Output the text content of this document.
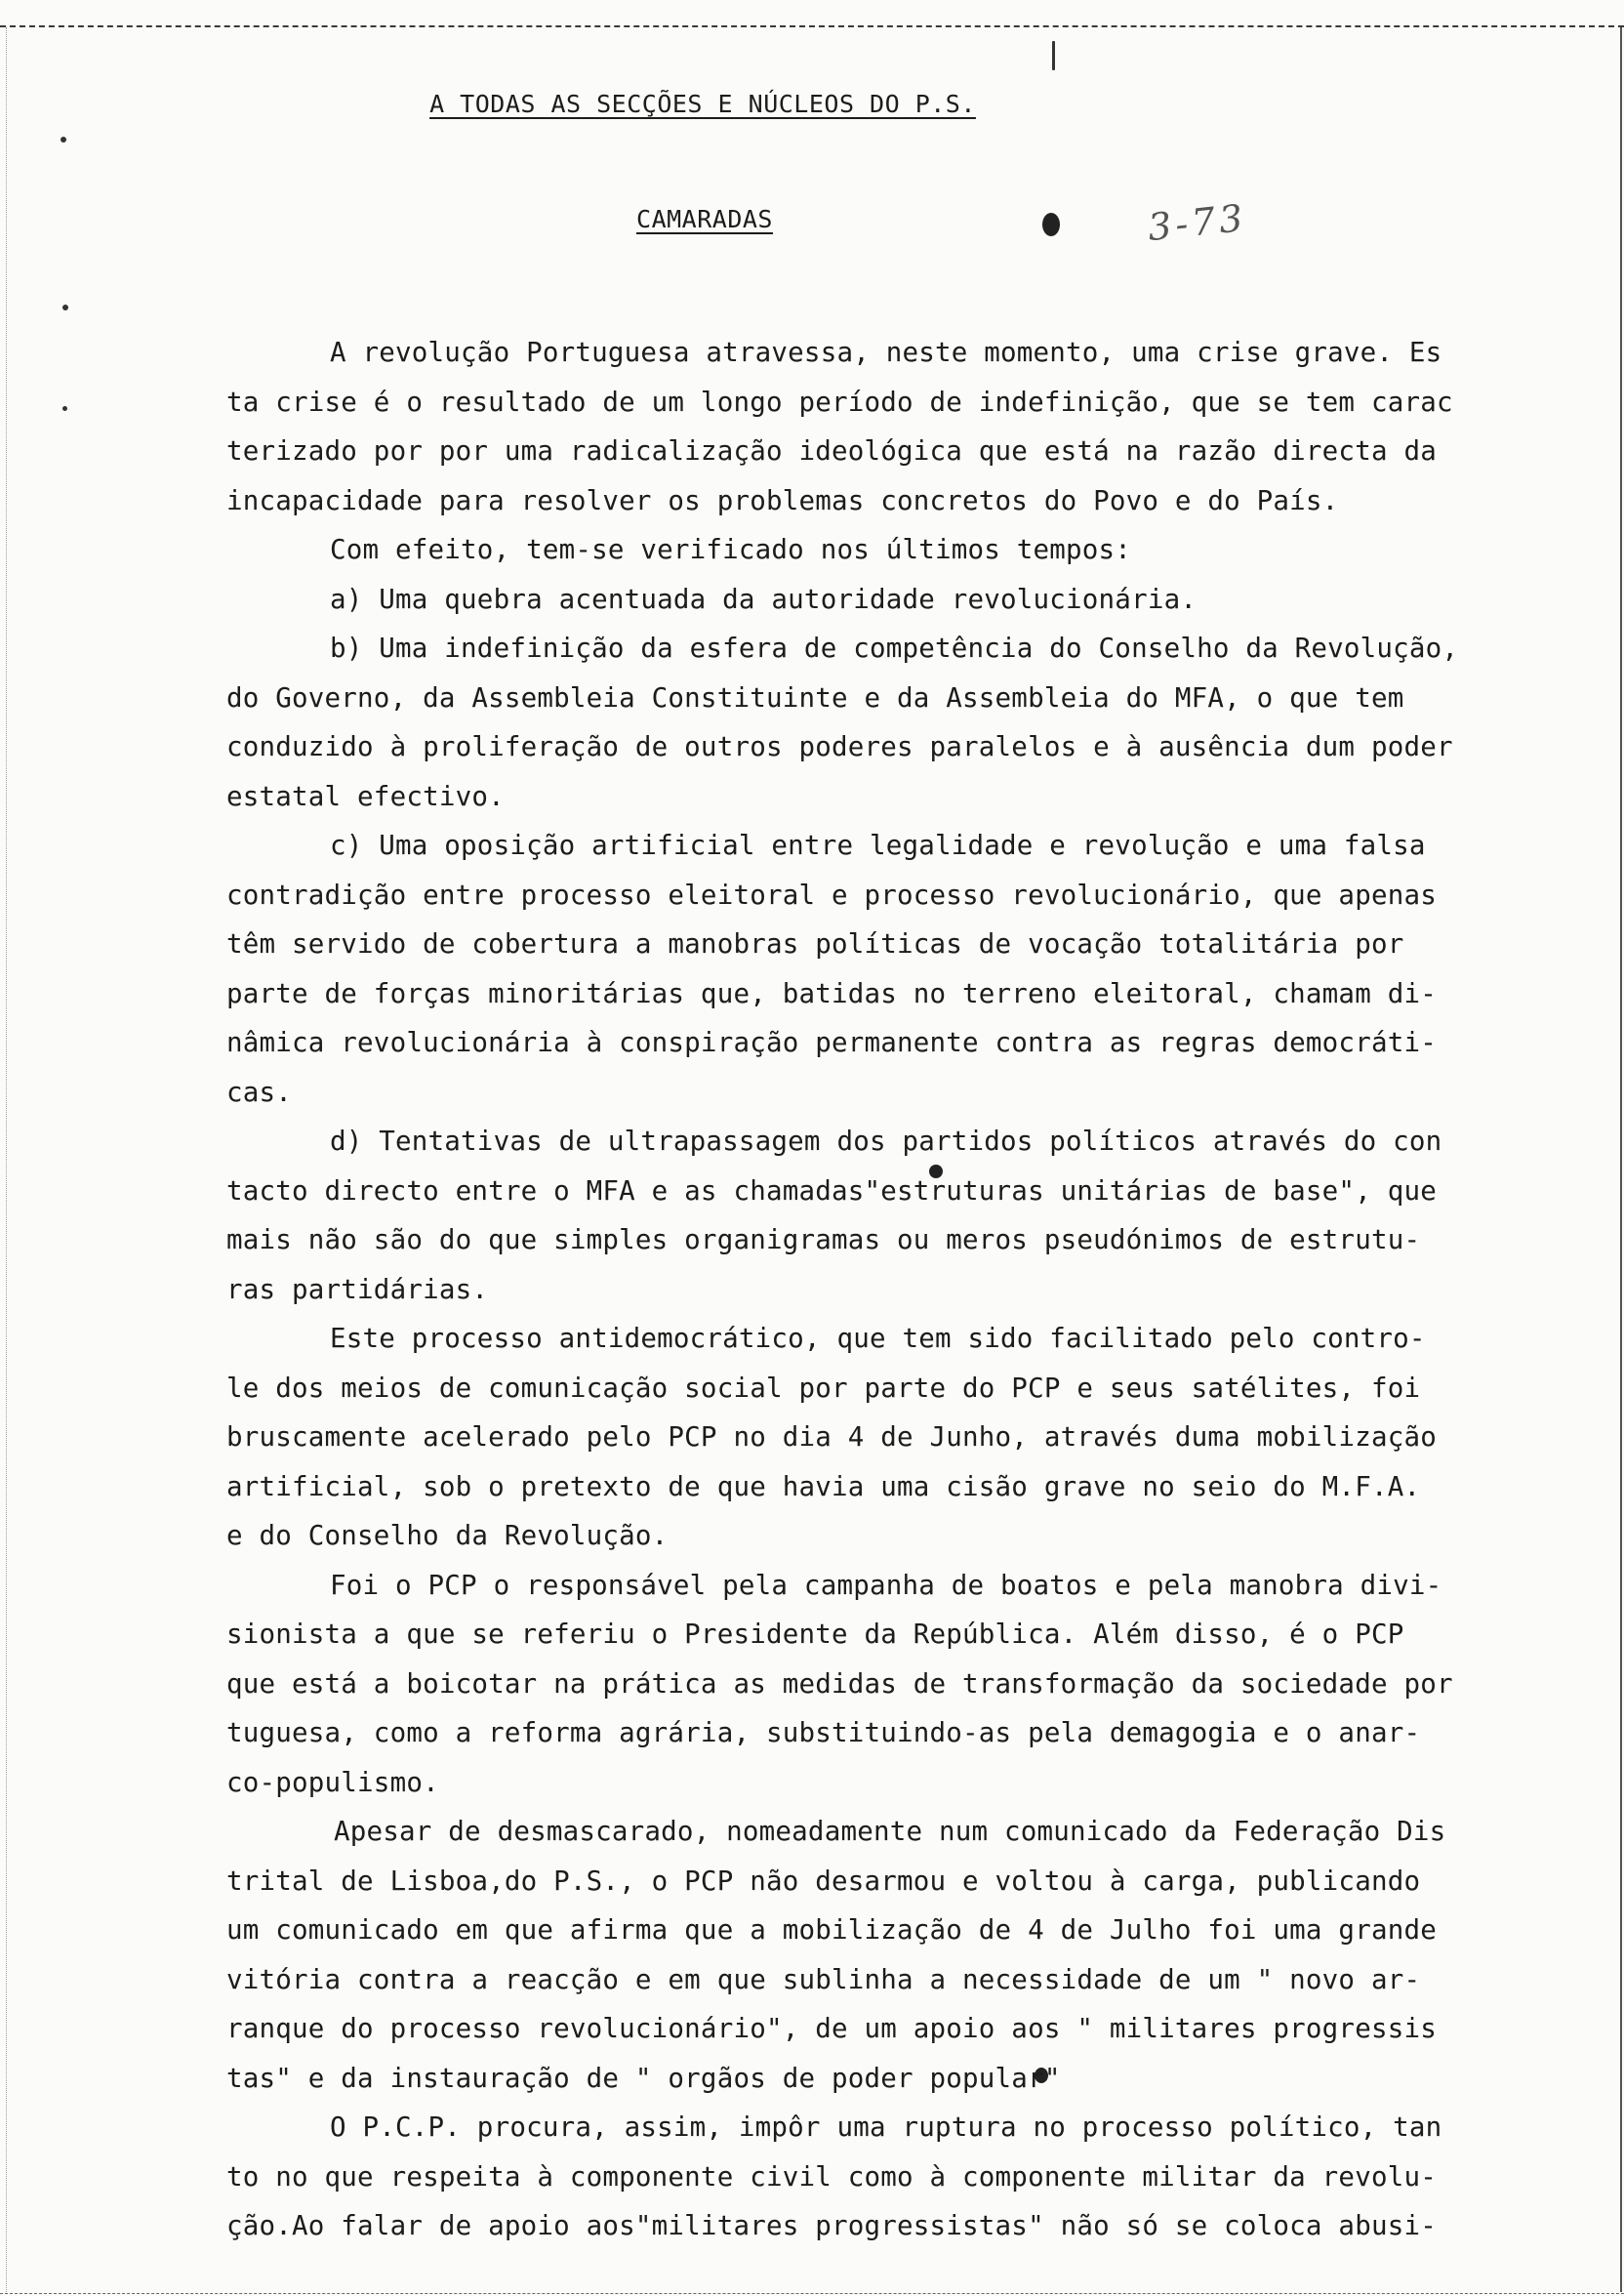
A TODAS AS SECÇÕES E NÚCLEOS DO P.S.
CAMARADAS	3-73
A revolução Portuguesa atravessa, neste momento, uma crise grave. Es
ta crise é o resultado de um longo período de indefinição, que se tem carac
terizado por por uma radicalização ideológica que está na razão directa da
incapacidade para resolver os problemas concretos do Povo e do País.
Com efeito, tem-se verificado nos últimos tempos:
a) Uma quebra acentuada da autoridade revolucionária.
b) Uma indefinição da esfera de competência do Conselho da Revolução,
do Governo, da Assembleia Constituinte e da Assembleia do MFA, o que tem
conduzido à proliferação de outros poderes paralelos e à ausência dum poder
estatal efectivo.
c) Uma oposição artificial entre legalidade e revolução e uma falsa
contradição entre processo eleitoral e processo revolucionário, que apenas
têm servido de cobertura a manobras políticas de vocação totalitária por
parte de forças minoritárias que, batidas no terreno eleitoral, chamam di-
nâmica revolucionária à conspiração permanente contra as regras democráti-
cas.
d) Tentativas de ultrapassagem dos partidos políticos através do con
tacto directo entre o MFA e as chamadas"estruturas unitárias de base", que
mais não são do que simples organigramas ou meros pseudónimos de estrutu-
ras partidárias.
Este processo antidemocrático, que tem sido facilitado pelo contro-
le dos meios de comunicação social por parte do PCP e seus satélites, foi
bruscamente acelerado pelo PCP no dia 4 de Junho, através duma mobilização
artificial, sob o pretexto de que havia uma cisão grave no seio do M.F.A.
e do Conselho da Revolução.
Foi o PCP o responsável pela campanha de boatos e pela manobra divi-
sionista a que se referiu o Presidente da República. Além disso, é o PCP
que está a boicotar na prática as medidas de transformação da sociedade por
tuguesa, como a reforma agrária, substituindo-as pela demagogia e o anar-
co-populismo.
Apesar de desmascarado, nomeadamente num comunicado da Federação Dis
trital de Lisboa,do P.S., o PCP não desarmou e voltou à carga, publicando
um comunicado em que afirma que a mobilização de 4 de Julho foi uma grande
vitória contra a reacção e em que sublinha a necessidade de um " novo ar-
ranque do processo revolucionário", de um apoio aos " militares progressis
tas" e da instauração de " orgãos de poder popular"
O P.C.P. procura, assim, impôr uma ruptura no processo político, tan
to no que respeita à componente civil como à componente militar da revolu-
ção.Ao falar de apoio aos"militares progressistas" não só se coloca abusi-
